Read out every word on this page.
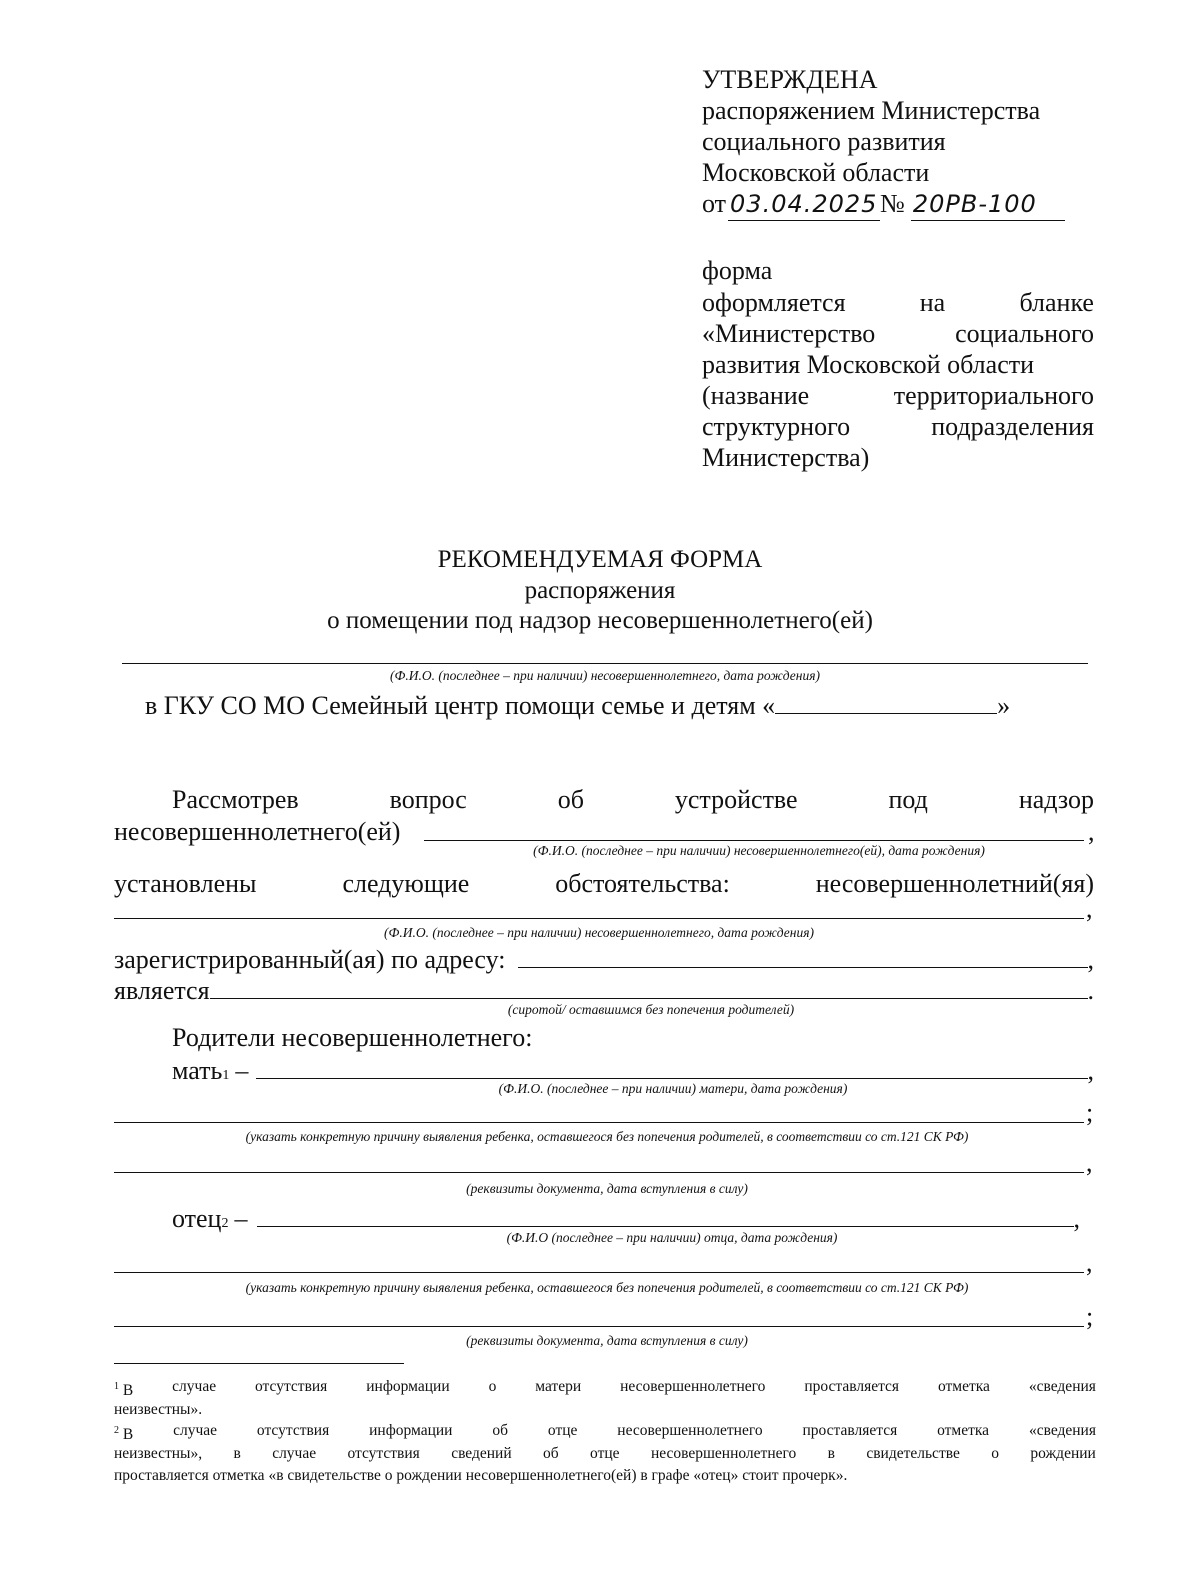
УТВЕРЖДЕНА
распоряжением Министерства
социального развития
Московской области
от 03.04.2025 № 20РВ-100
форма
оформляется	на	бланке
«Министерство	социального
развития Московской области
(название	территориального
структурного	подразделения
Министерства)
РЕКОМЕНДУЕМАЯ ФОРМА
распоряжения
о помещении под надзор несовершеннолетнего(ей)
(Ф.И.О. (последнее – при наличии) несовершеннолетнего, дата рождения)
в ГКУ СО МО Семейный центр помощи семье и детям «	»
Рассмотрев	вопрос	об	устройстве	под	надзор
несовершеннолетнего(ей)	,
(Ф.И.О. (последнее – при наличии) несовершеннолетнего(ей), дата рождения)
установлены	следующие	обстоятельства:	несовершеннолетний(яя)
,
(Ф.И.О. (последнее – при наличии) несовершеннолетнего, дата рождения)
зарегистрированный(ая) по адресу:	,
является	.
(сиротой/ оставшимся без попечения родителей)
Родители несовершеннолетнего:
мать 1 –	,
(Ф.И.О. (последнее – при наличии) матери, дата рождения)
;
(указать конкретную причину выявления ребенка, оставшегося без попечения родителей, в соответствии со ст.121 СК РФ)
,
(реквизиты документа, дата вступления в силу)
отец 2 –	,
(Ф.И.О (последнее – при наличии) отца, дата рождения)
,
(указать конкретную причину выявления ребенка, оставшегося без попечения родителей, в соответствии со ст.121 СК РФ)
;
(реквизиты документа, дата вступления в силу)
$^1$ В	случае	отсутствия	информации	о	матери	несовершеннолетнего	проставляется	отметка	«сведения
неизвестны».
$^2$ В	случае	отсутствия	информации	об	отце	несовершеннолетнего	проставляется	отметка	«сведения
неизвестны», в случае отсутствия сведений об отце несовершеннолетнего в свидетельстве о рождении
проставляется отметка «в свидетельстве о рождении несовершеннолетнего(ей) в графе «отец» стоит прочерк».
